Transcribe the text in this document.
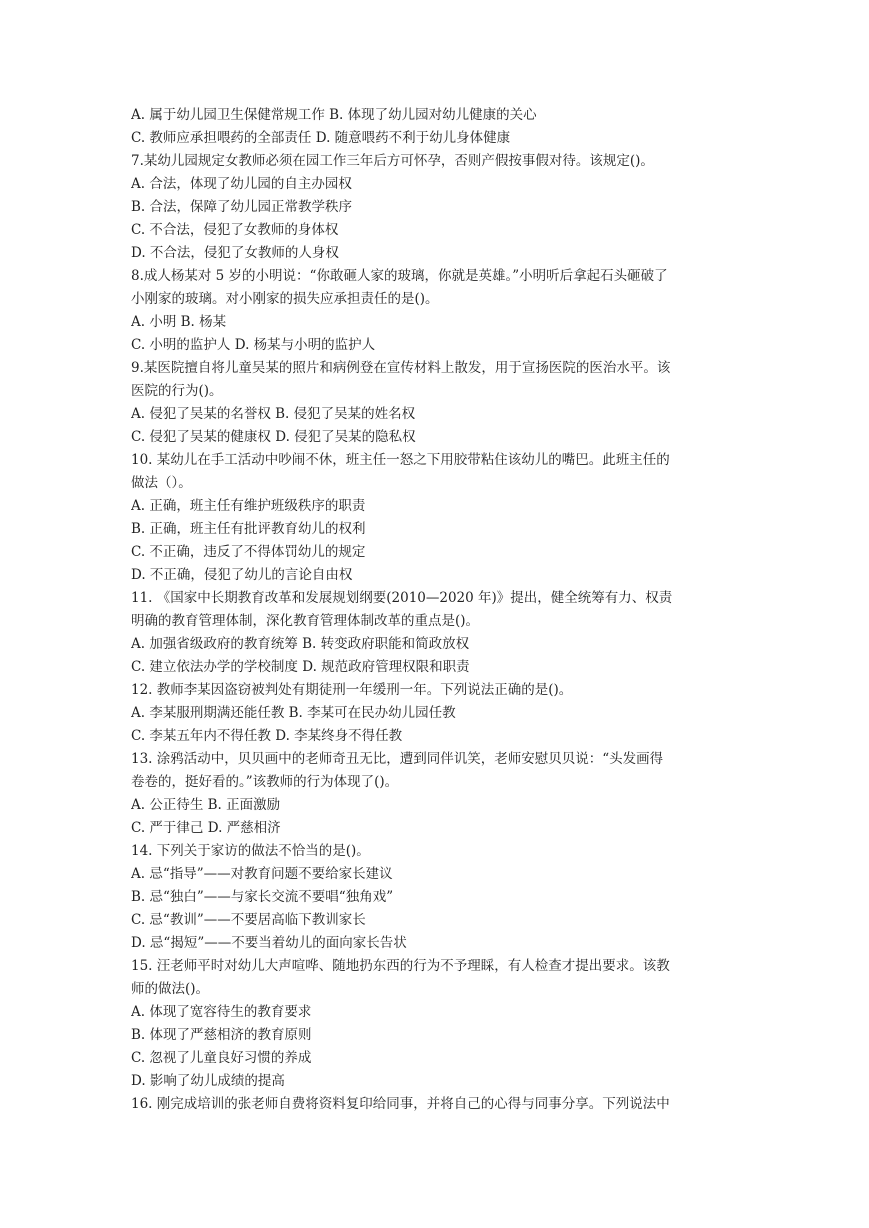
A. 属于幼儿园卫生保健常规工作 B. 体现了幼儿园对幼儿健康的关心
C. 教师应承担喂药的全部责任 D. 随意喂药不利于幼儿身体健康
7.某幼儿园规定女教师必须在园工作三年后方可怀孕，否则产假按事假对待。该规定()。
A. 合法，体现了幼儿园的自主办园权
B. 合法，保障了幼儿园正常教学秩序
C. 不合法，侵犯了女教师的身体权
D. 不合法，侵犯了女教师的人身权
8.成人杨某对 5 岁的小明说：“你敢砸人家的玻璃，你就是英雄。”小明听后拿起石头砸破了
小刚家的玻璃。对小刚家的损失应承担责任的是()。
A. 小明 B. 杨某
C. 小明的监护人 D. 杨某与小明的监护人
9.某医院擅自将儿童吴某的照片和病例登在宣传材料上散发，用于宣扬医院的医治水平。该
医院的行为()。
A. 侵犯了吴某的名誉权 B. 侵犯了吴某的姓名权
C. 侵犯了吴某的健康权 D. 侵犯了吴某的隐私权
10. 某幼儿在手工活动中吵闹不休，班主任一怒之下用胶带粘住该幼儿的嘴巴。此班主任的
做法（）。
A. 正确，班主任有维护班级秩序的职责
B. 正确，班主任有批评教育幼儿的权利
C. 不正确，违反了不得体罚幼儿的规定
D. 不正确，侵犯了幼儿的言论自由权
11. 《国家中长期教育改革和发展规划纲要(2010—2020 年)》提出，健全统筹有力、权责
明确的教育管理体制，深化教育管理体制改革的重点是()。
A. 加强省级政府的教育统筹 B. 转变政府职能和简政放权
C. 建立依法办学的学校制度 D. 规范政府管理权限和职责
12. 教师李某因盗窃被判处有期徒刑一年缓刑一年。下列说法正确的是()。
A. 李某服刑期满还能任教 B. 李某可在民办幼儿园任教
C. 李某五年内不得任教 D. 李某终身不得任教
13. 涂鸦活动中，贝贝画中的老师奇丑无比，遭到同伴讥笑，老师安慰贝贝说：“头发画得
卷卷的，挺好看的。”该教师的行为体现了()。
A. 公正待生 B. 正面激励
C. 严于律己 D. 严慈相济
14. 下列关于家访的做法不恰当的是()。
A. 忌“指导”——对教育问题不要给家长建议
B. 忌“独白”——与家长交流不要唱“独角戏”
C. 忌“教训”——不要居高临下教训家长
D. 忌“揭短”——不要当着幼儿的面向家长告状
15. 汪老师平时对幼儿大声喧哗、随地扔东西的行为不予理睬，有人检查才提出要求。该教
师的做法()。
A. 体现了宽容待生的教育要求
B. 体现了严慈相济的教育原则
C. 忽视了儿童良好习惯的养成
D. 影响了幼儿成绩的提高
16. 刚完成培训的张老师自费将资料复印给同事，并将自己的心得与同事分享。下列说法中
